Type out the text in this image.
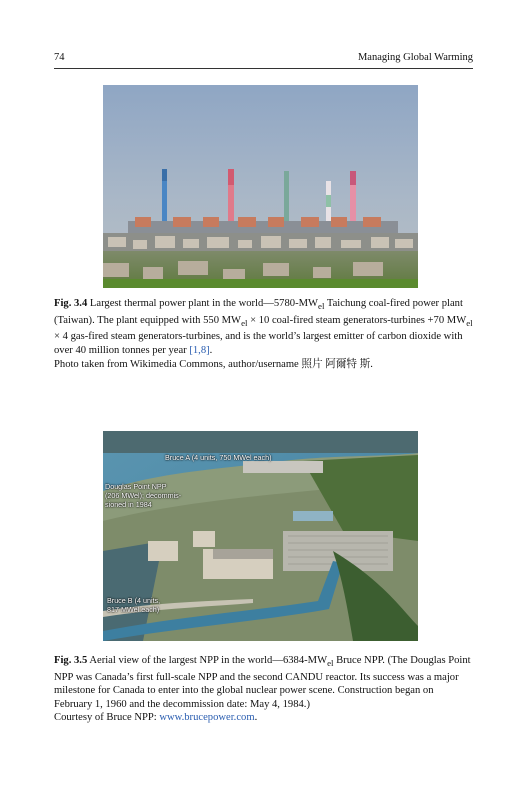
74	Managing Global Warming
Fig. 3.4 Largest thermal power plant in the $world—5780-MW_{el}$ Taichung coal-fired power plant (Taiwan). The plant equipped with 550 $MW_{el} \times 10$ coal-fired steam generators-turbines +70 $MW_{el} \times 4$ gas-fired steam generators-turbines, and is the world’s largest emitter of carbon dioxide with over 40 million tonnes per year [1,8].
Photo taken from Wikimedia Commons, author/username 照片 阿爾特 斯.
Bruce A (4 units, 750 MWel each)
Douglas Point NPP
(206 MWel); decommis-
sioned in 1984
Bruce B (4 units,
817 MWel each)
Fig. 3.5 Aerial view of the largest NPP in the $world—6384-MW_{el}$ Bruce NPP. (The Douglas Point NPP was Canada’s first full-scale NPP and the second CANDU reactor. Its success was a major milestone for Canada to enter into the global nuclear power scene. Construction began on February 1, 1960 and the decommission date: May 4, 1984.)
Courtesy of Bruce NPP: www.brucepower.com.
